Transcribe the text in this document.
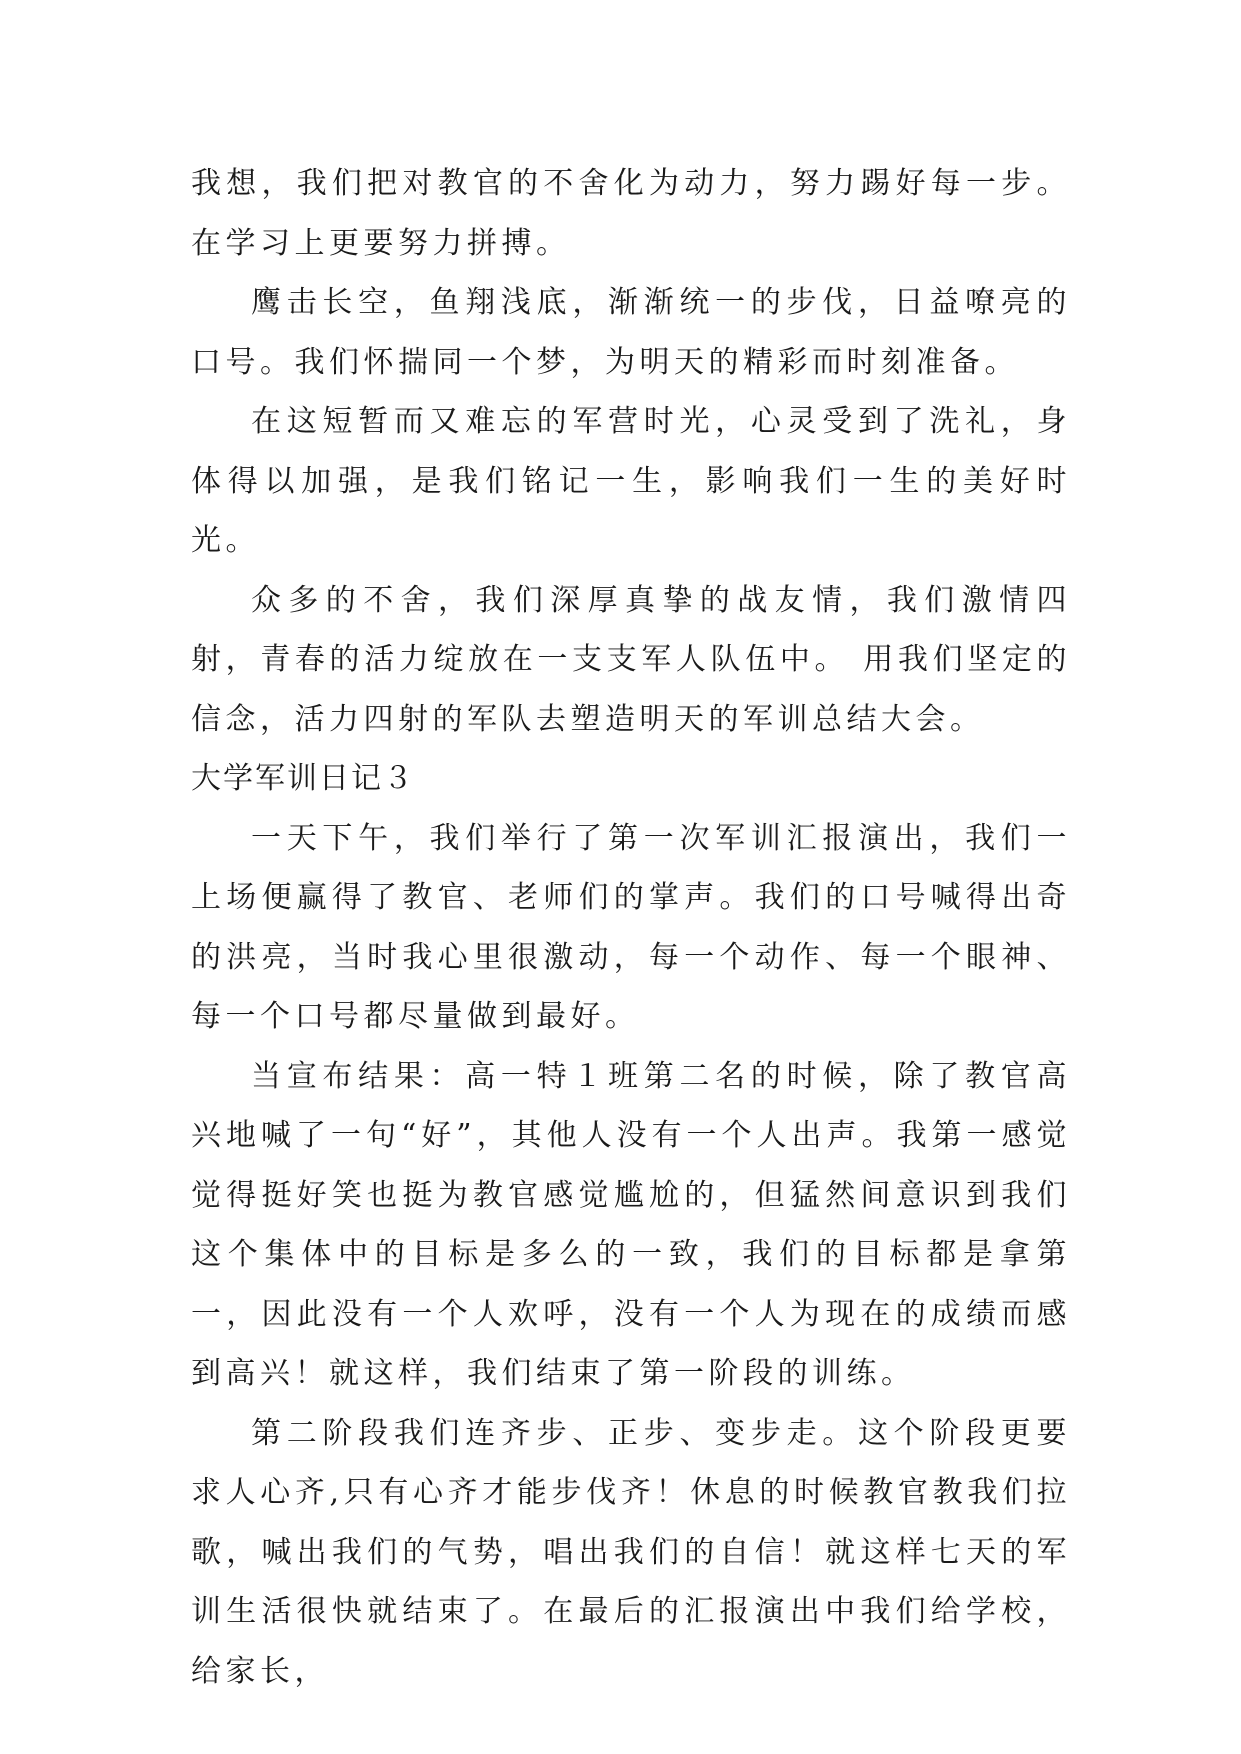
我想，我们把对教官的不舍化为动力，努力踢好每一步。在学习上更要努力拼搏。

鹰击长空，鱼翔浅底，渐渐统一的步伐，日益嘹亮的口号。我们怀揣同一个梦，为明天的精彩而时刻准备。

在这短暂而又难忘的军营时光，心灵受到了洗礼，身体得以加强，是我们铭记一生，影响我们一生的美好时光。

众多的不舍，我们深厚真挚的战友情，我们激情四射，青春的活力绽放在一支支军人队伍中。 用我们坚定的信念，活力四射的军队去塑造明天的军训总结大会。

大学军训日记３

一天下午，我们举行了第一次军训汇报演出，我们一上场便赢得了教官、老师们的掌声。我们的口号喊得出奇的洪亮，当时我心里很激动，每一个动作、每一个眼神、每一个口号都尽量做到最好。

当宣布结果：高一特１班第二名的时候，除了教官高兴地喊了一句“好”，其他人没有一个人出声。我第一感觉觉得挺好笑也挺为教官感觉尴尬的，但猛然间意识到我们这个集体中的目标是多么的一致，我们的目标都是拿第一，因此没有一个人欢呼，没有一个人为现在的成绩而感到高兴！就这样，我们结束了第一阶段的训练。

第二阶段我们连齐步、正步、变步走。这个阶段更要求人心齐,只有心齐才能步伐齐！休息的时候教官教我们拉歌，喊出我们的气势，唱出我们的自信！就这样七天的军训生活很快就结束了。在最后的汇报演出中我们给学校，给家长，
